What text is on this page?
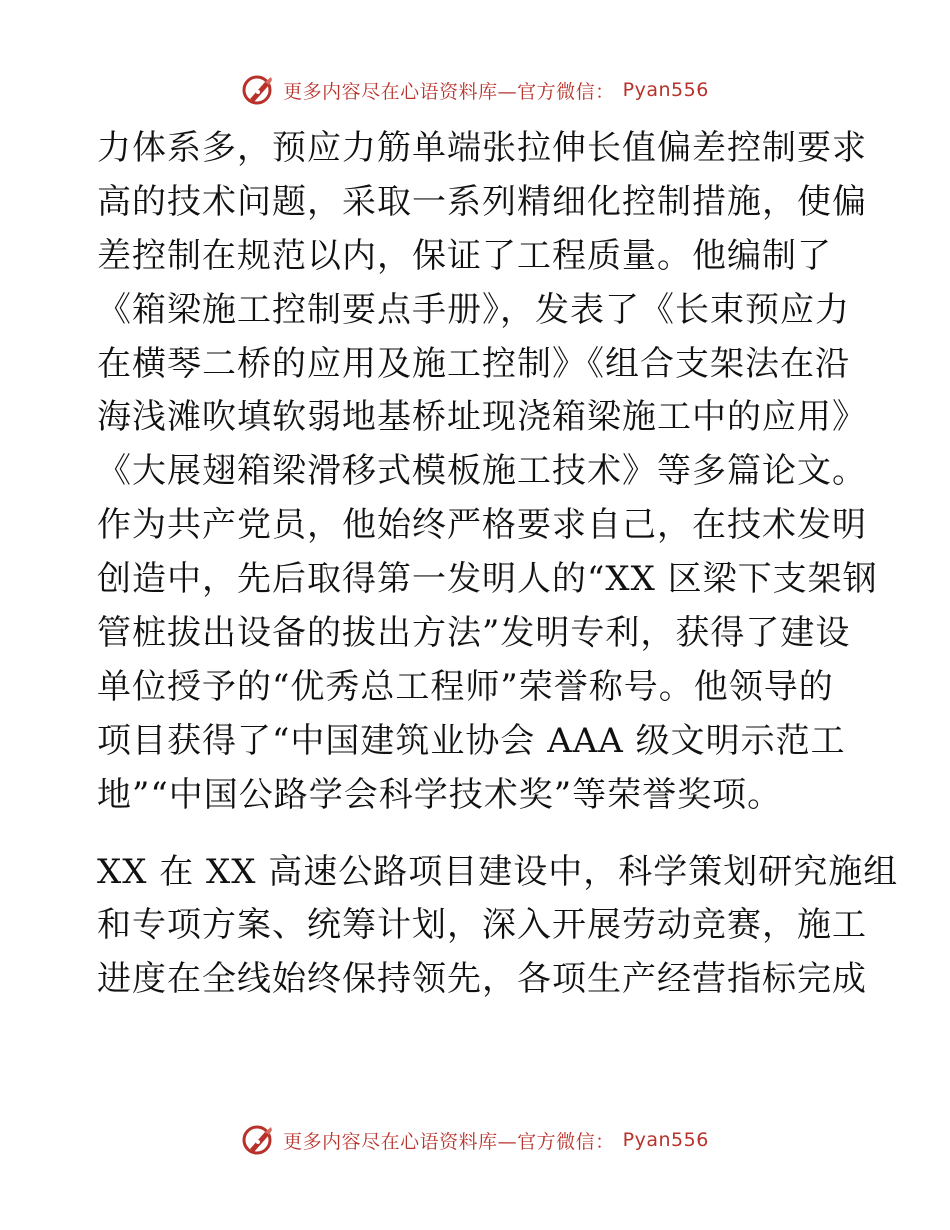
更多内容尽在心语资料库—官方微信： Pyan556
力体系多，预应力筋单端张拉伸长值偏差控制要求
高的技术问题，采取一系列精细化控制措施，使偏
差控制在规范以内，保证了工程质量。他编制了
《箱梁施工控制要点手册》，发表了《长束预应力
在横琴二桥的应用及施工控制》《组合支架法在沿
海浅滩吹填软弱地基桥址现浇箱梁施工中的应用》
《大展翅箱梁滑移式模板施工技术》等多篇论文。
作为共产党员，他始终严格要求自己，在技术发明
创造中，先后取得第一发明人的“XX 区梁下支架钢
管桩拔出设备的拔出方法”发明专利，获得了建设
单位授予的“优秀总工程师”荣誉称号。他领导的
项目获得了“中国建筑业协会 AAA 级文明示范工
地”“中国公路学会科学技术奖”等荣誉奖项。
XX 在 XX 高速公路项目建设中，科学策划研究施组
和专项方案、统筹计划，深入开展劳动竞赛，施工
进度在全线始终保持领先，各项生产经营指标完成
更多内容尽在心语资料库—官方微信： Pyan556
